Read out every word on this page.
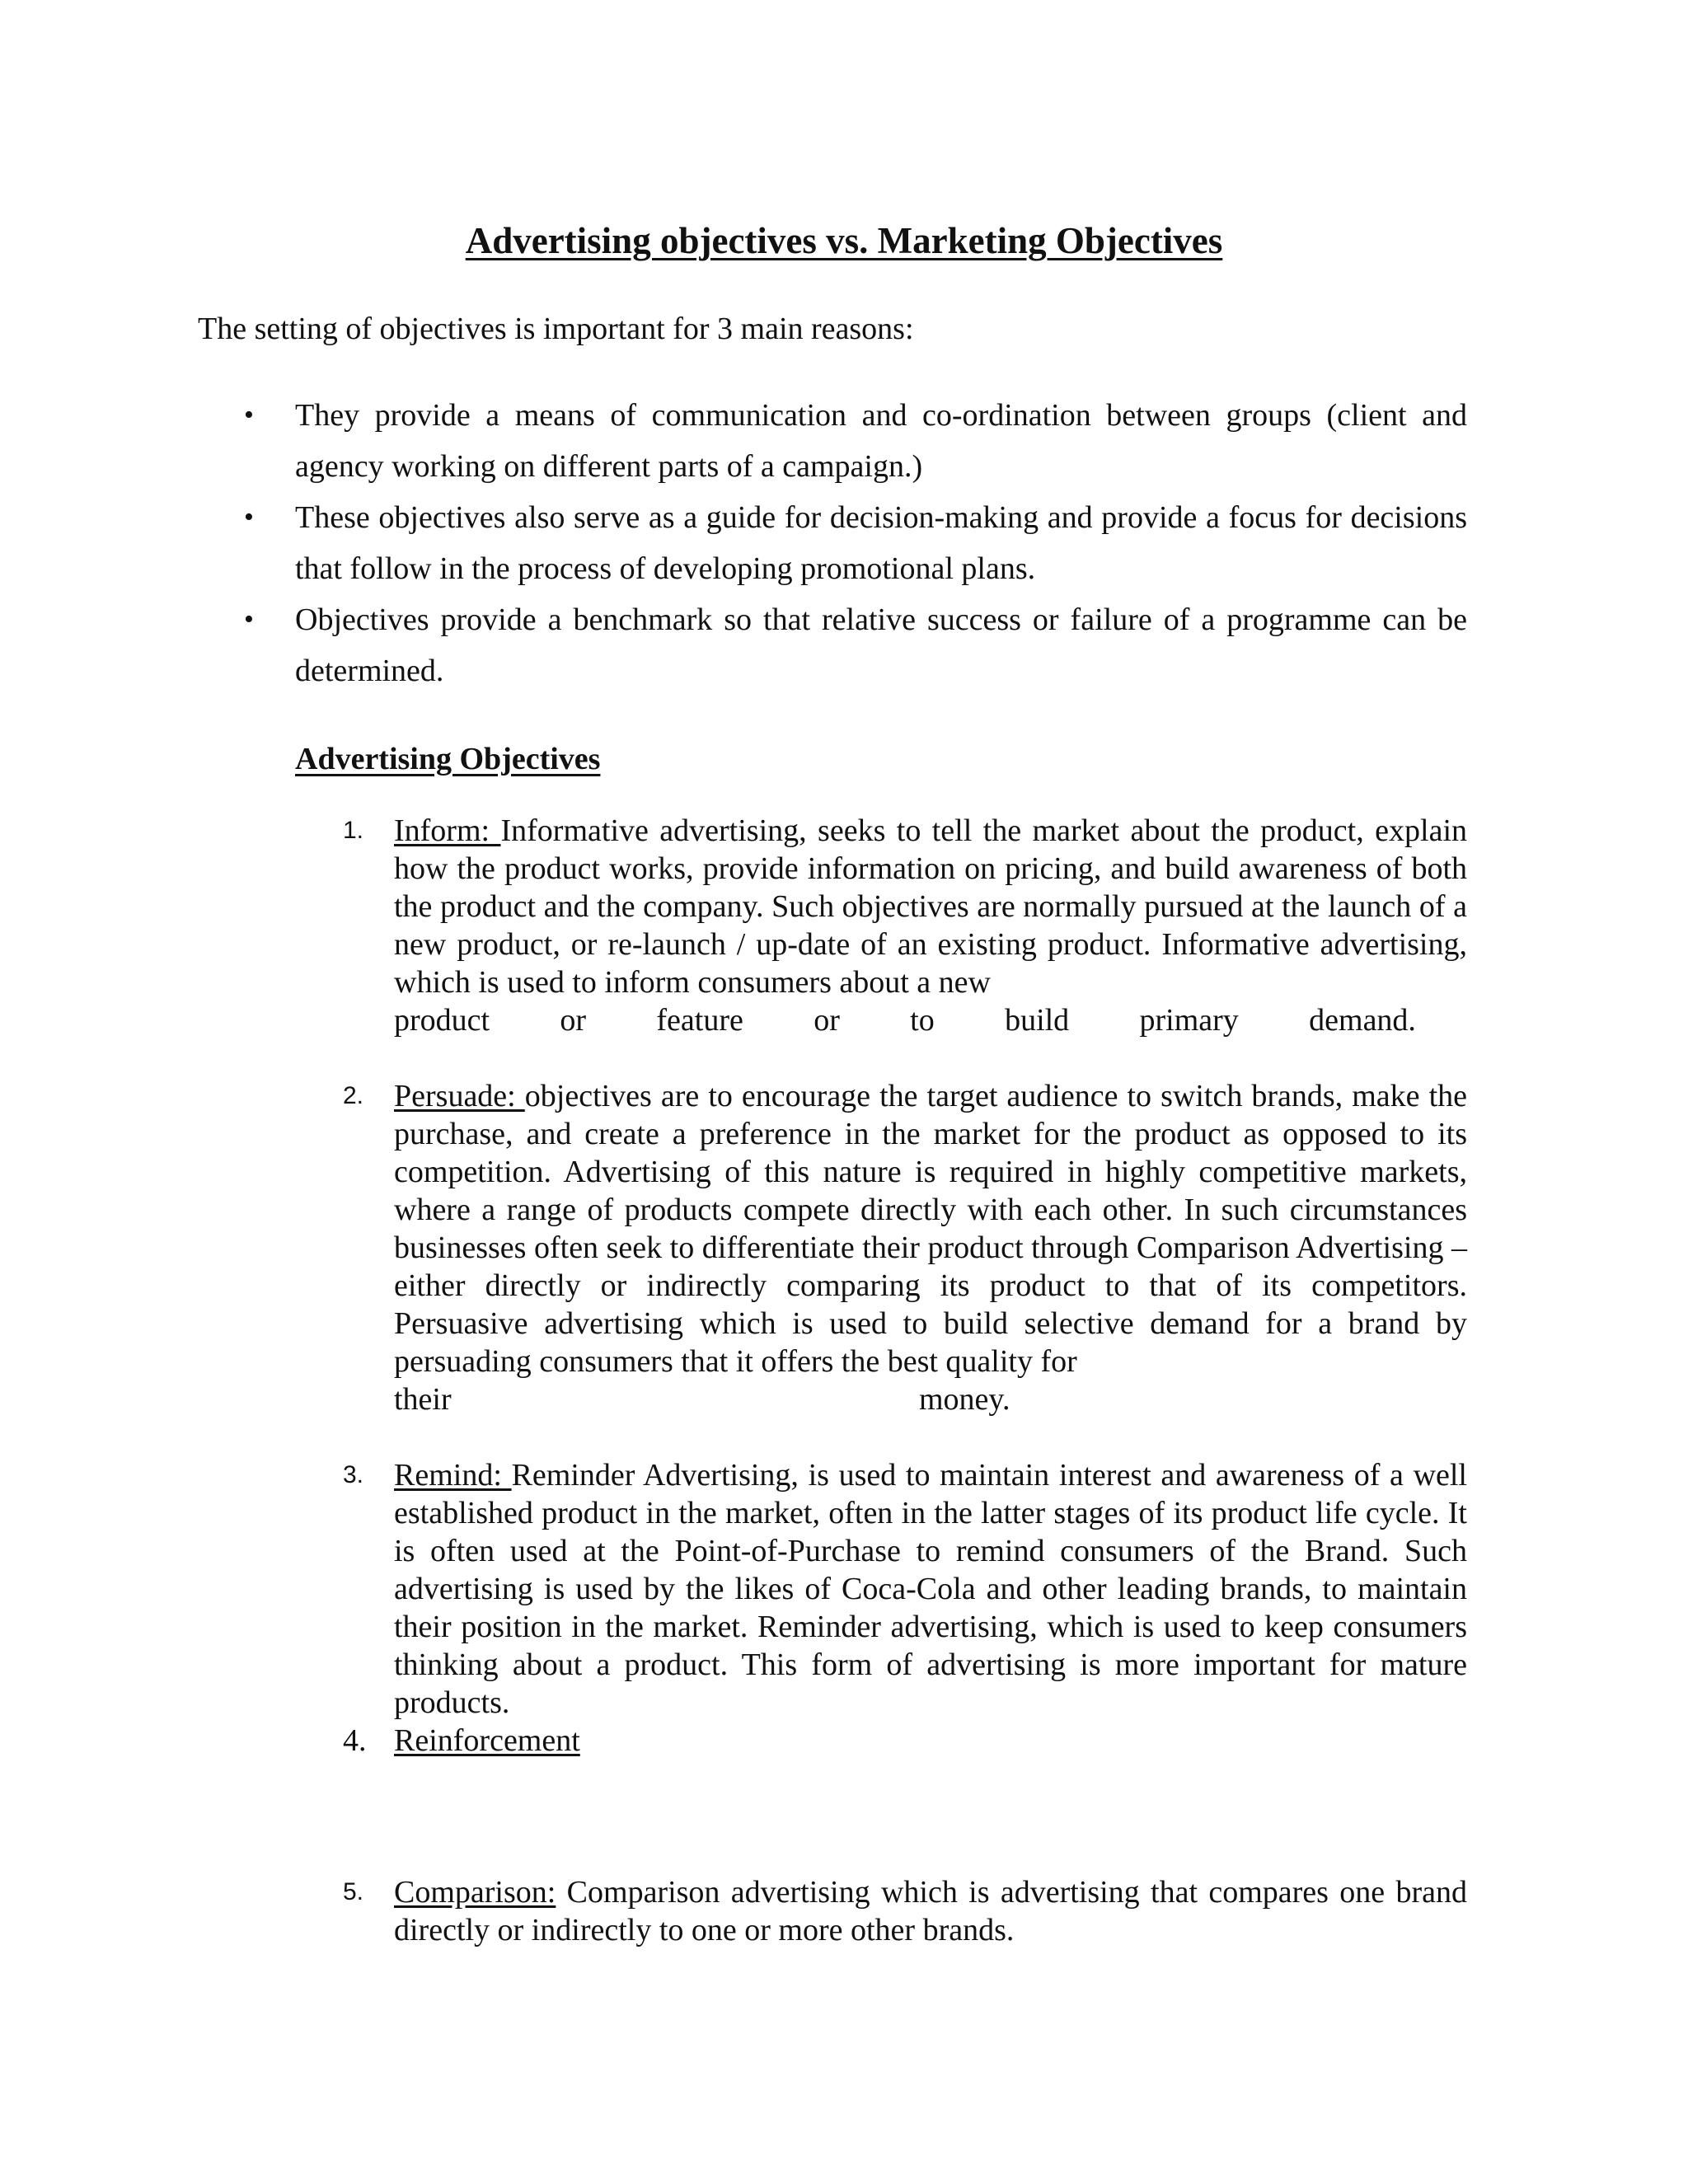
Advertising objectives vs. Marketing Objectives
The setting of objectives is important for 3 main reasons:
•	They provide a means of communication and co-ordination between groups (client and agency working on different parts of a campaign.)
•	These objectives also serve as a guide for decision-making and provide a focus for decisions that follow in the process of developing promotional plans.
•	Objectives provide a benchmark so that relative success or failure of a programme can be determined.
Advertising Objectives
1. Inform: Informative advertising, seeks to tell the market about the product, explain how the product works, provide information on pricing, and build awareness of both the product and the company. Such objectives are normally pursued at the launch of a new product, or re-launch / up-date of an existing product. Informative advertising, which is used to inform consumers about a new
product or feature or to build primary demand.
2. Persuade: objectives are to encourage the target audience to switch brands, make the purchase, and create a preference in the market for the product as opposed to its competition. Advertising of this nature is required in highly competitive markets, where a range of products compete directly with each other. In such circumstances businesses often seek to differentiate their product through Comparison Advertising – either directly or indirectly comparing its product to that of its competitors. Persuasive advertising which is used to build selective demand for a brand by persuading consumers that it offers the best quality for
their	money.
3. Remind: Reminder Advertising, is used to maintain interest and awareness of a well established product in the market, often in the latter stages of its product life cycle. It is often used at the Point-of-Purchase to remind consumers of the Brand. Such advertising is used by the likes of Coca-Cola and other leading brands, to maintain their position in the market. Reminder advertising, which is used to keep consumers thinking about a product. This form of advertising is more important for mature products.
4. Reinforcement
5. Comparison: Comparison advertising which is advertising that compares one brand directly or indirectly to one or more other brands.
